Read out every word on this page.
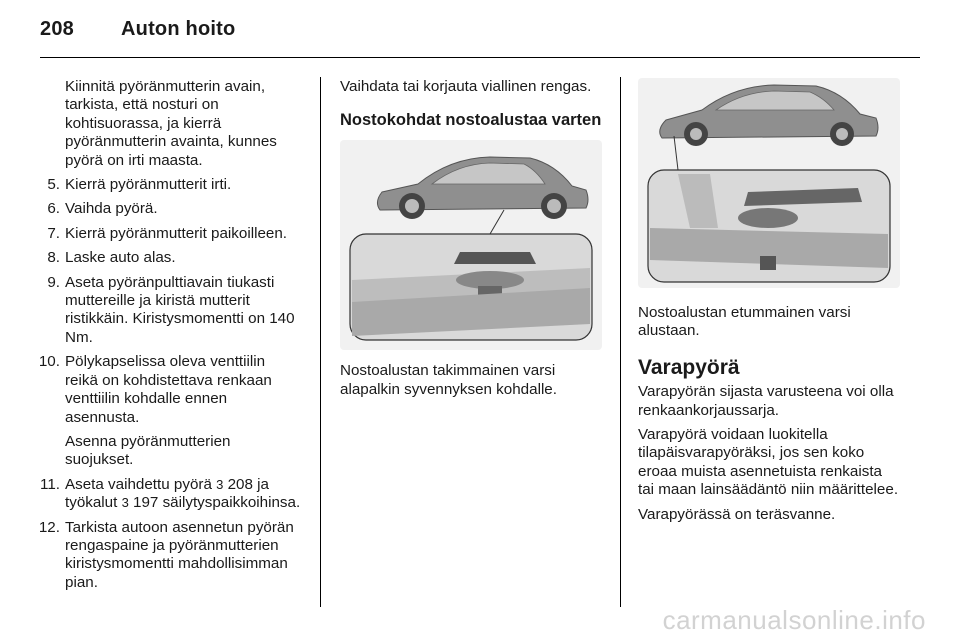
208 Auton hoito

Kiinnitä pyöränmutterin avain, tarkista, että nosturi on kohtisuorassa, ja kierrä pyöränmutterin avainta, kunnes pyörä on irti maasta.

5 . Kierrä pyöränmutterit irti.
6 . Vaihda pyörä.
7 . Kierrä pyöränmutterit paikoilleen.
8 . Laske auto alas.
9 . Aseta pyöränpulttiavain tiukasti muttereille ja kiristä mutterit ristikkäin. Kiristysmomentti on 140 Nm.
10 . Pölykapselissa oleva venttiilin reikä on kohdistettava renkaan venttiilin kohdalle ennen asennusta.

Asenna pyöränmutterien suojukset.

11 . Aseta vaihdettu pyörä 3 208 ja työkalut 3 197 säilytyspaikkoihinsa.
12 . Tarkista autoon asennetun pyörän rengaspaine ja pyöränmutterien kiristysmomentti mahdollisimman pian.

Vaihdata tai korjauta viallinen rengas.

Nostokohdat nostoalustaa varten

Nostoalustan takimmainen varsi alapalkin syvennyksen kohdalle.

Nostoalustan etummainen varsi alustaan.

Varapyörä

Varapyörän sijasta varusteena voi olla renkaankorjaussarja.

Varapyörä voidaan luokitella tilapäisvarapyöräksi, jos sen koko eroaa muista asennetuista renkaista tai maan lainsäädäntö niin määrittelee.

Varapyörässä on teräsvanne.

carmanualsonline.info
